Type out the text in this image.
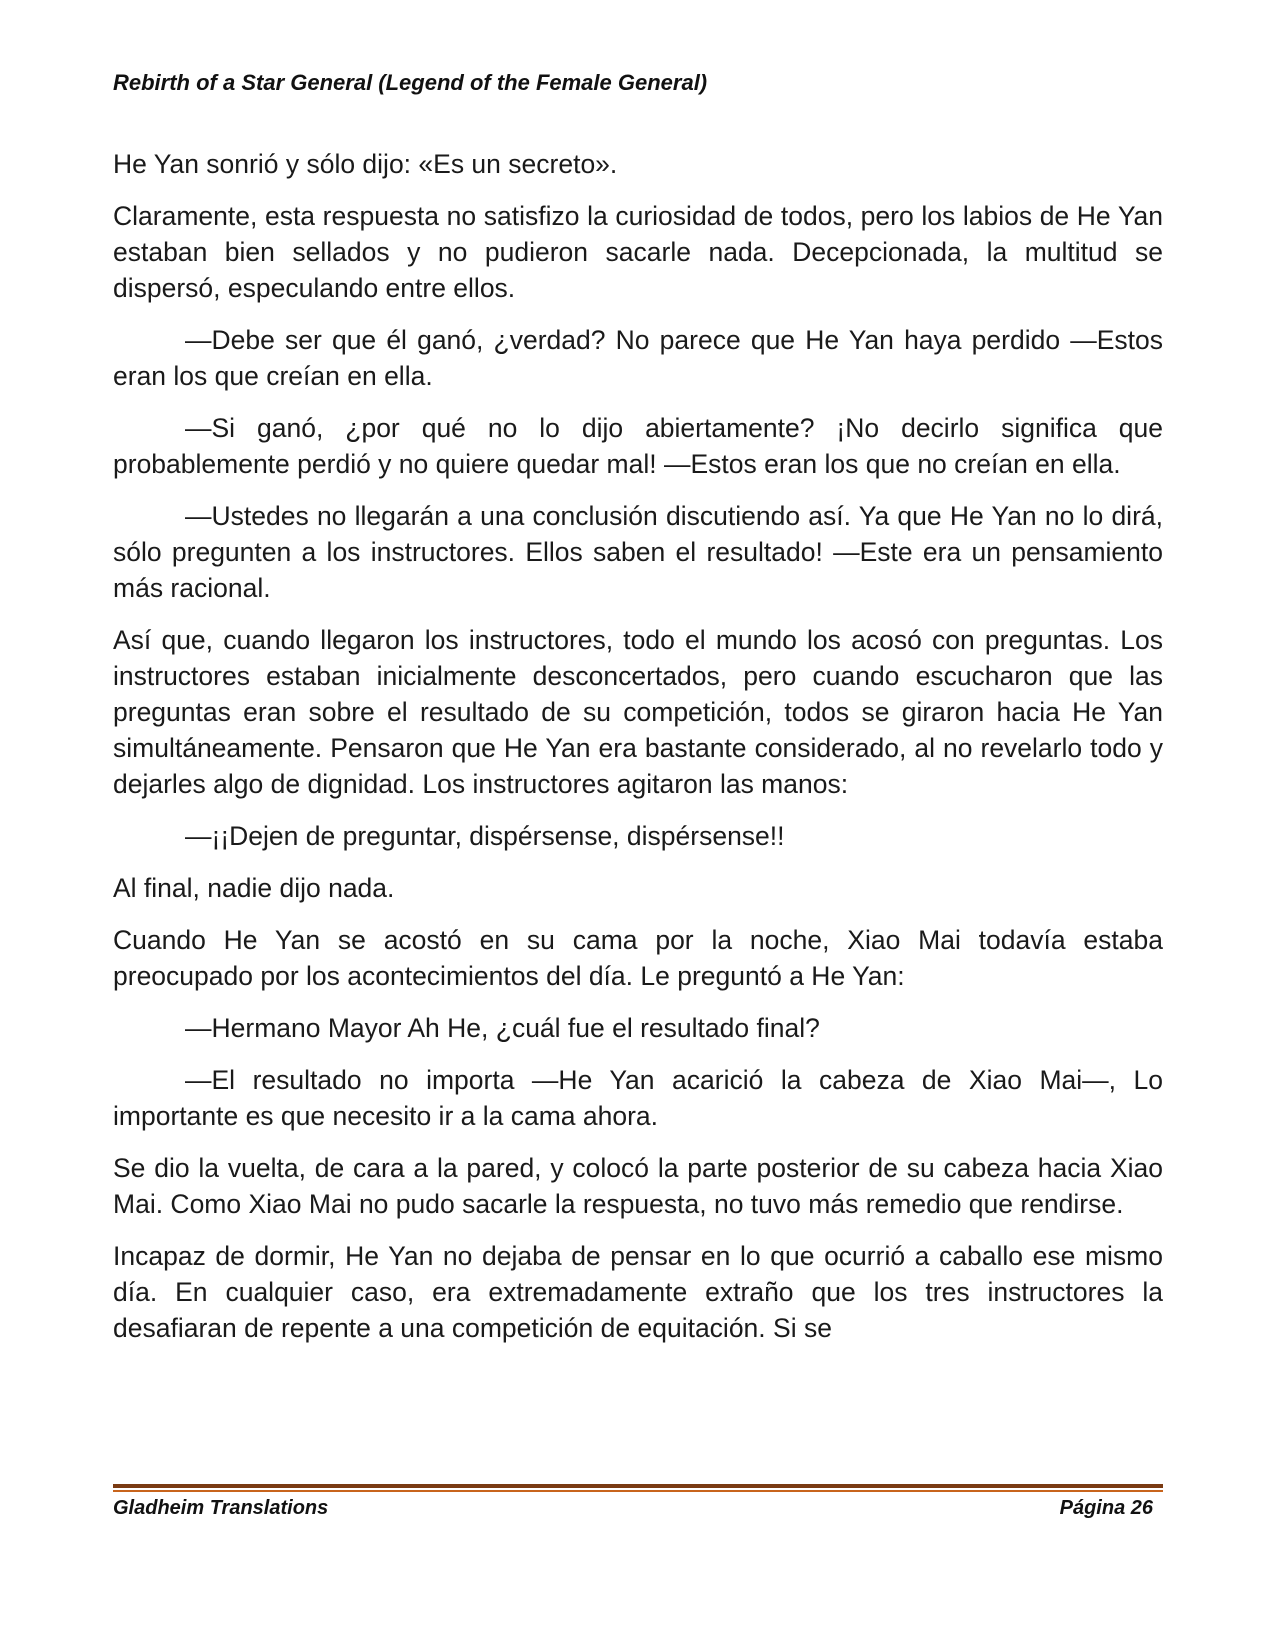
Rebirth of a Star General (Legend of the Female General)

He Yan sonrió y sólo dijo: «Es un secreto».

Claramente, esta respuesta no satisfizo la curiosidad de todos, pero los labios de He Yan estaban bien sellados y no pudieron sacarle nada. Decepcionada, la multitud se dispersó, especulando entre ellos.

—Debe ser que él ganó, ¿verdad? No parece que He Yan haya perdido —Estos eran los que creían en ella.

—Si ganó, ¿por qué no lo dijo abiertamente? ¡No decirlo significa que probablemente perdió y no quiere quedar mal! —Estos eran los que no creían en ella.

—Ustedes no llegarán a una conclusión discutiendo así. Ya que He Yan no lo dirá, sólo pregunten a los instructores. Ellos saben el resultado! —Este era un pensamiento más racional.

Así que, cuando llegaron los instructores, todo el mundo los acosó con preguntas. Los instructores estaban inicialmente desconcertados, pero cuando escucharon que las preguntas eran sobre el resultado de su competición, todos se giraron hacia He Yan simultáneamente. Pensaron que He Yan era bastante considerado, al no revelarlo todo y dejarles algo de dignidad. Los instructores agitaron las manos:

—¡¡Dejen de preguntar, dispérsense, dispérsense!!

Al final, nadie dijo nada.

Cuando He Yan se acostó en su cama por la noche, Xiao Mai todavía estaba preocupado por los acontecimientos del día. Le preguntó a He Yan:

—Hermano Mayor Ah He, ¿cuál fue el resultado final?

—El resultado no importa —He Yan acarició la cabeza de Xiao Mai—, Lo importante es que necesito ir a la cama ahora.

Se dio la vuelta, de cara a la pared, y colocó la parte posterior de su cabeza hacia Xiao Mai. Como Xiao Mai no pudo sacarle la respuesta, no tuvo más remedio que rendirse.

Incapaz de dormir, He Yan no dejaba de pensar en lo que ocurrió a caballo ese mismo día. En cualquier caso, era extremadamente extraño que los tres instructores la desafiaran de repente a una competición de equitación. Si se

Gladheim Translations	Página 26
